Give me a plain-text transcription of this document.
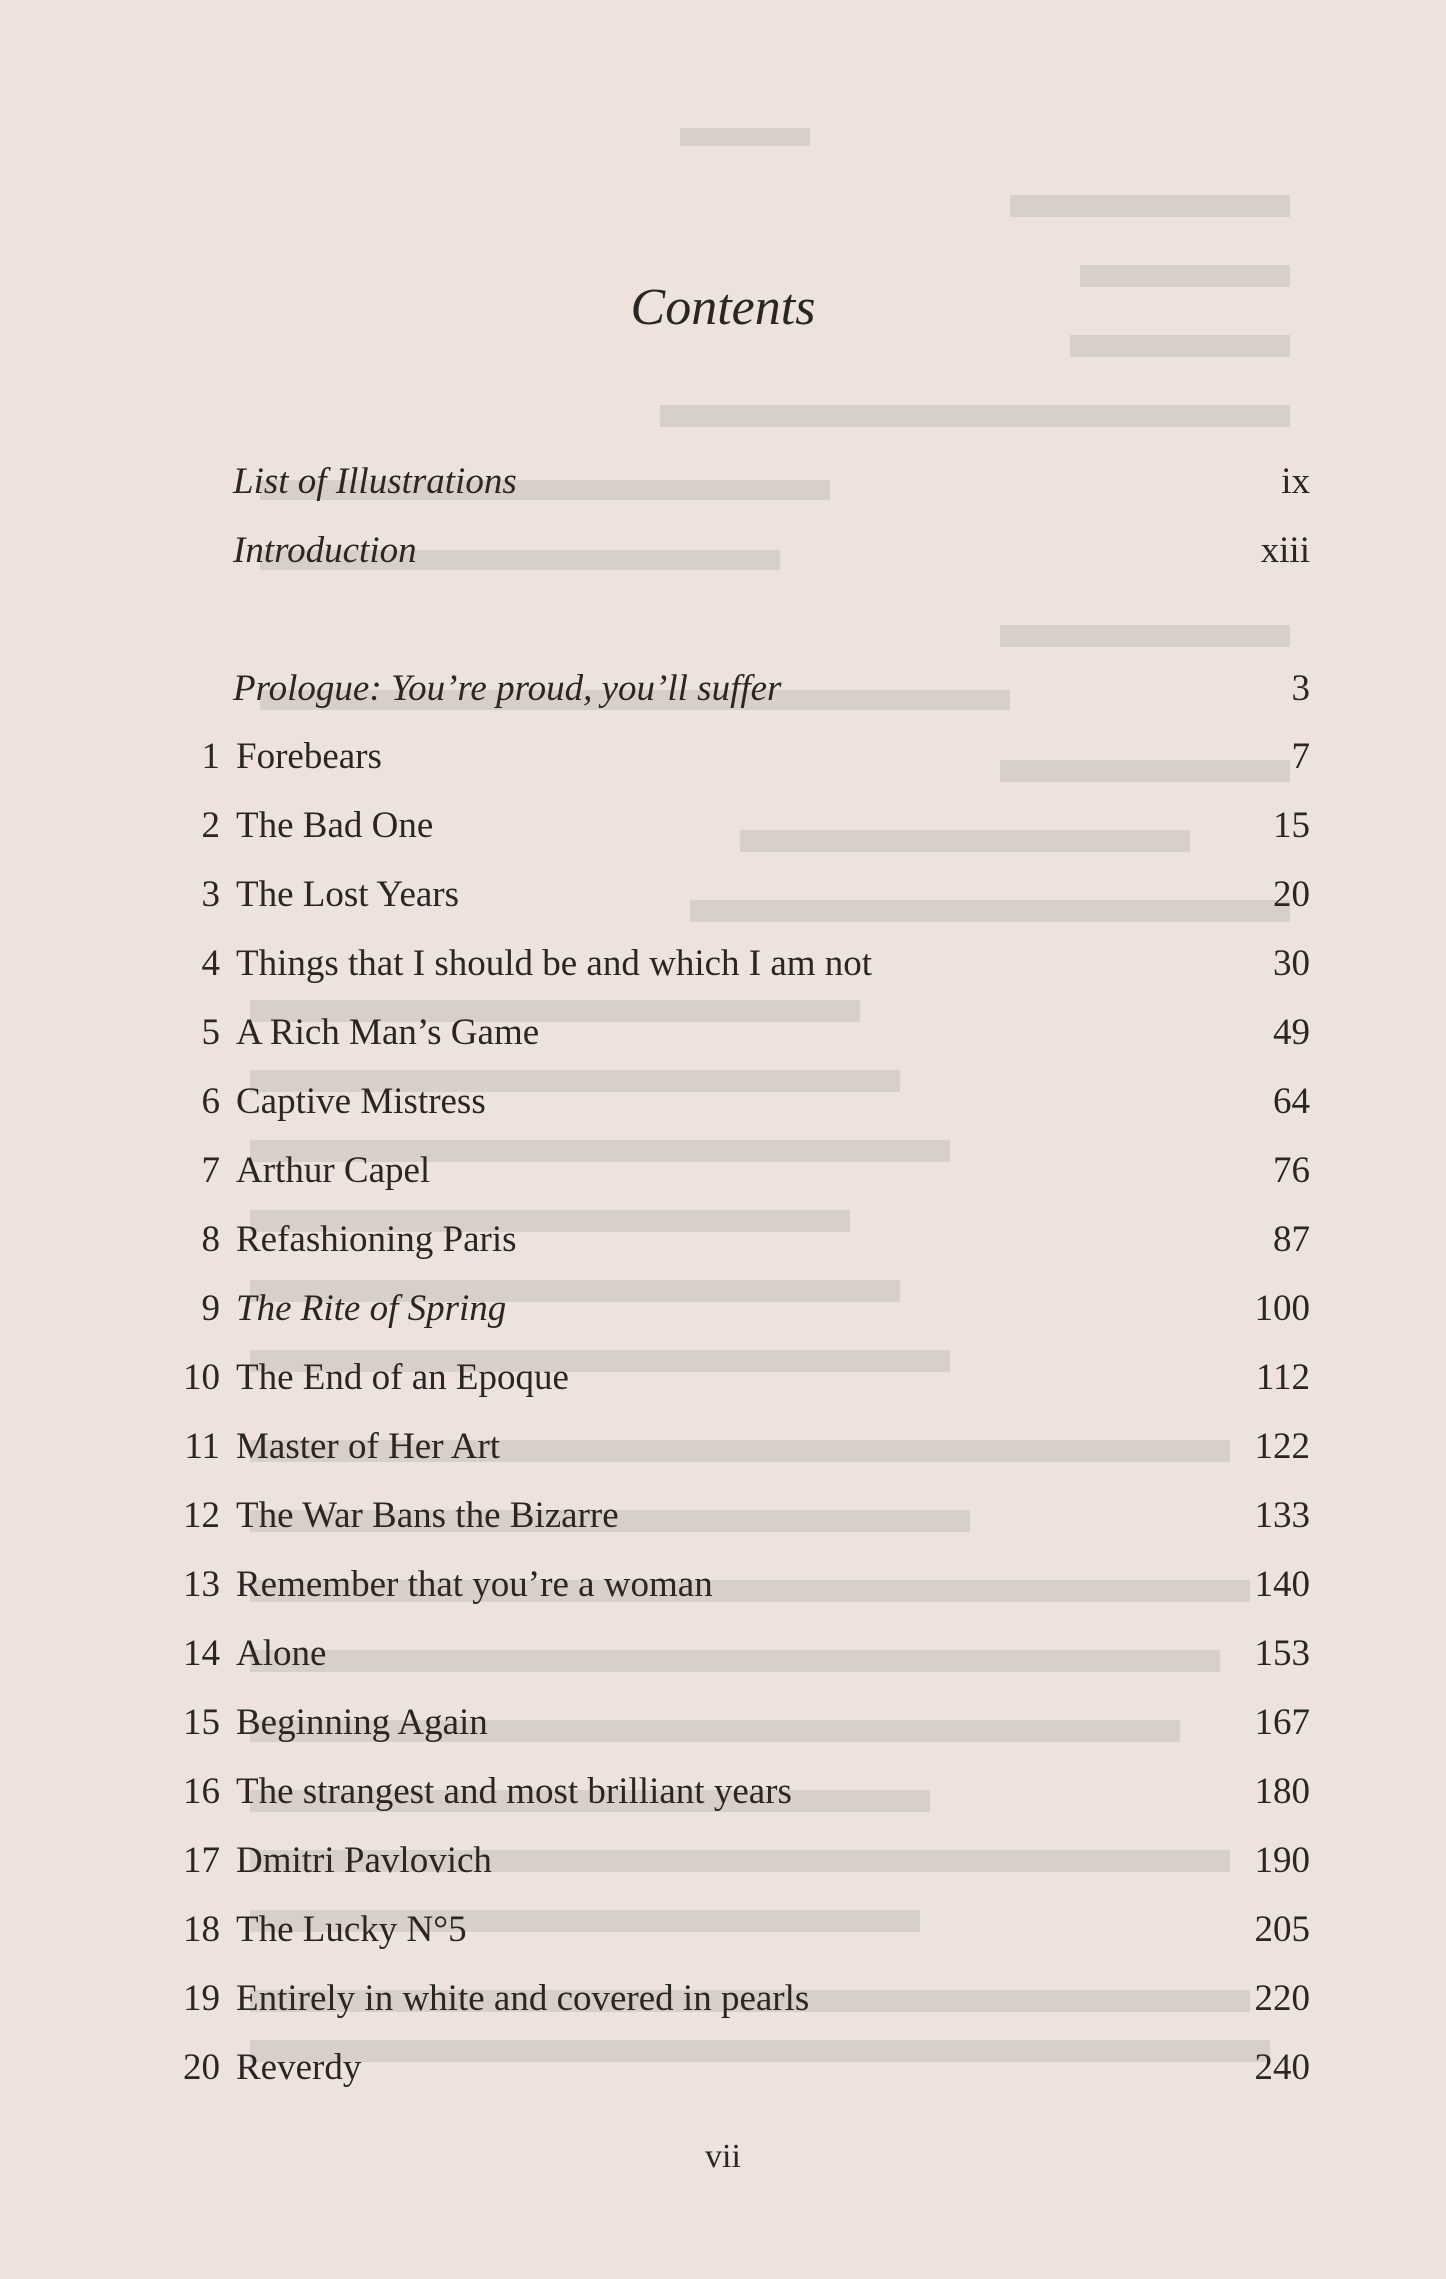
Contents
List of Illustrations	ix
Introduction	xiii
Prologue: You’re proud, you’ll suffer	3
1 Forebears	7
2 The Bad One	15
3 The Lost Years	20
4 Things that I should be and which I am not	30
5 A Rich Man’s Game	49
6 Captive Mistress	64
7 Arthur Capel	76
8 Refashioning Paris	87
9 The Rite of Spring	100
10 The End of an Epoque	112
11 Master of Her Art	122
12 The War Bans the Bizarre	133
13 Remember that you’re a woman	140
14 Alone	153
15 Beginning Again	167
16 The strangest and most brilliant years	180
17 Dmitri Pavlovich	190
18 The Lucky N°5	205
19 Entirely in white and covered in pearls	220
20 Reverdy	240
vii
